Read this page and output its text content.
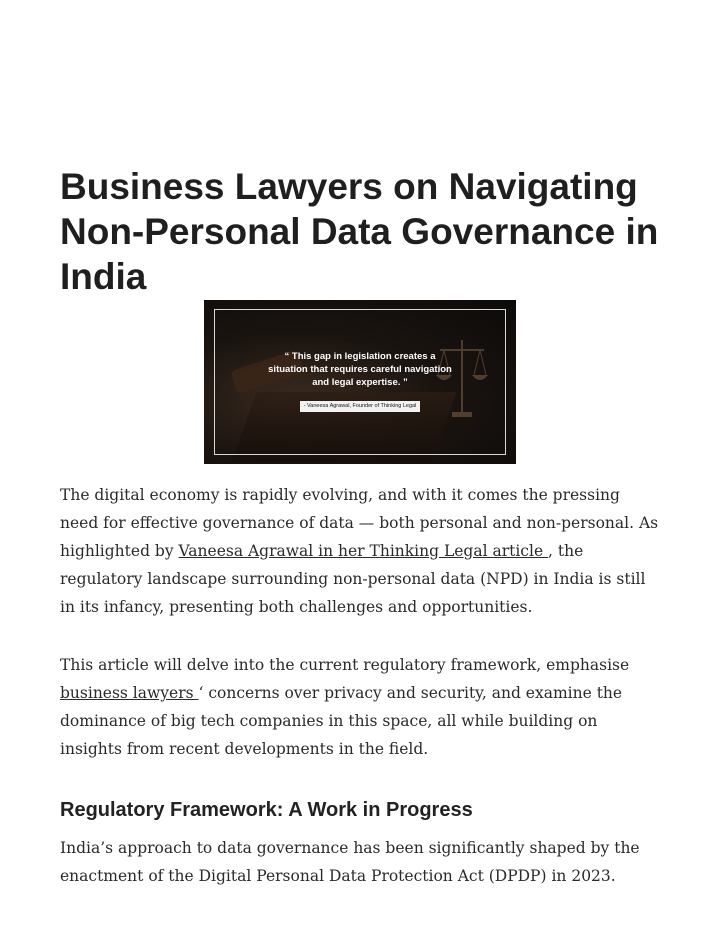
Business Lawyers on Navigating Non-Personal Data Governance in India
“ This gap in legislation creates a situation that requires careful navigation and legal expertise. ”
- Vaneesa Agrawal, Founder of Thinking Legal

The digital economy is rapidly evolving, and with it comes the pressing need for effective governance of data — both personal and non-personal. As highlighted by Vaneesa Agrawal in her Thinking Legal article , the regulatory landscape surrounding non-personal data (NPD) in India is still in its infancy, presenting both challenges and opportunities.

This article will delve into the current regulatory framework, emphasise business lawyers ‘ concerns over privacy and security, and examine the dominance of big tech companies in this space, all while building on insights from recent developments in the field.

Regulatory Framework: A Work in Progress

India’s approach to data governance has been significantly shaped by the enactment of the Digital Personal Data Protection Act (DPDP) in 2023.
